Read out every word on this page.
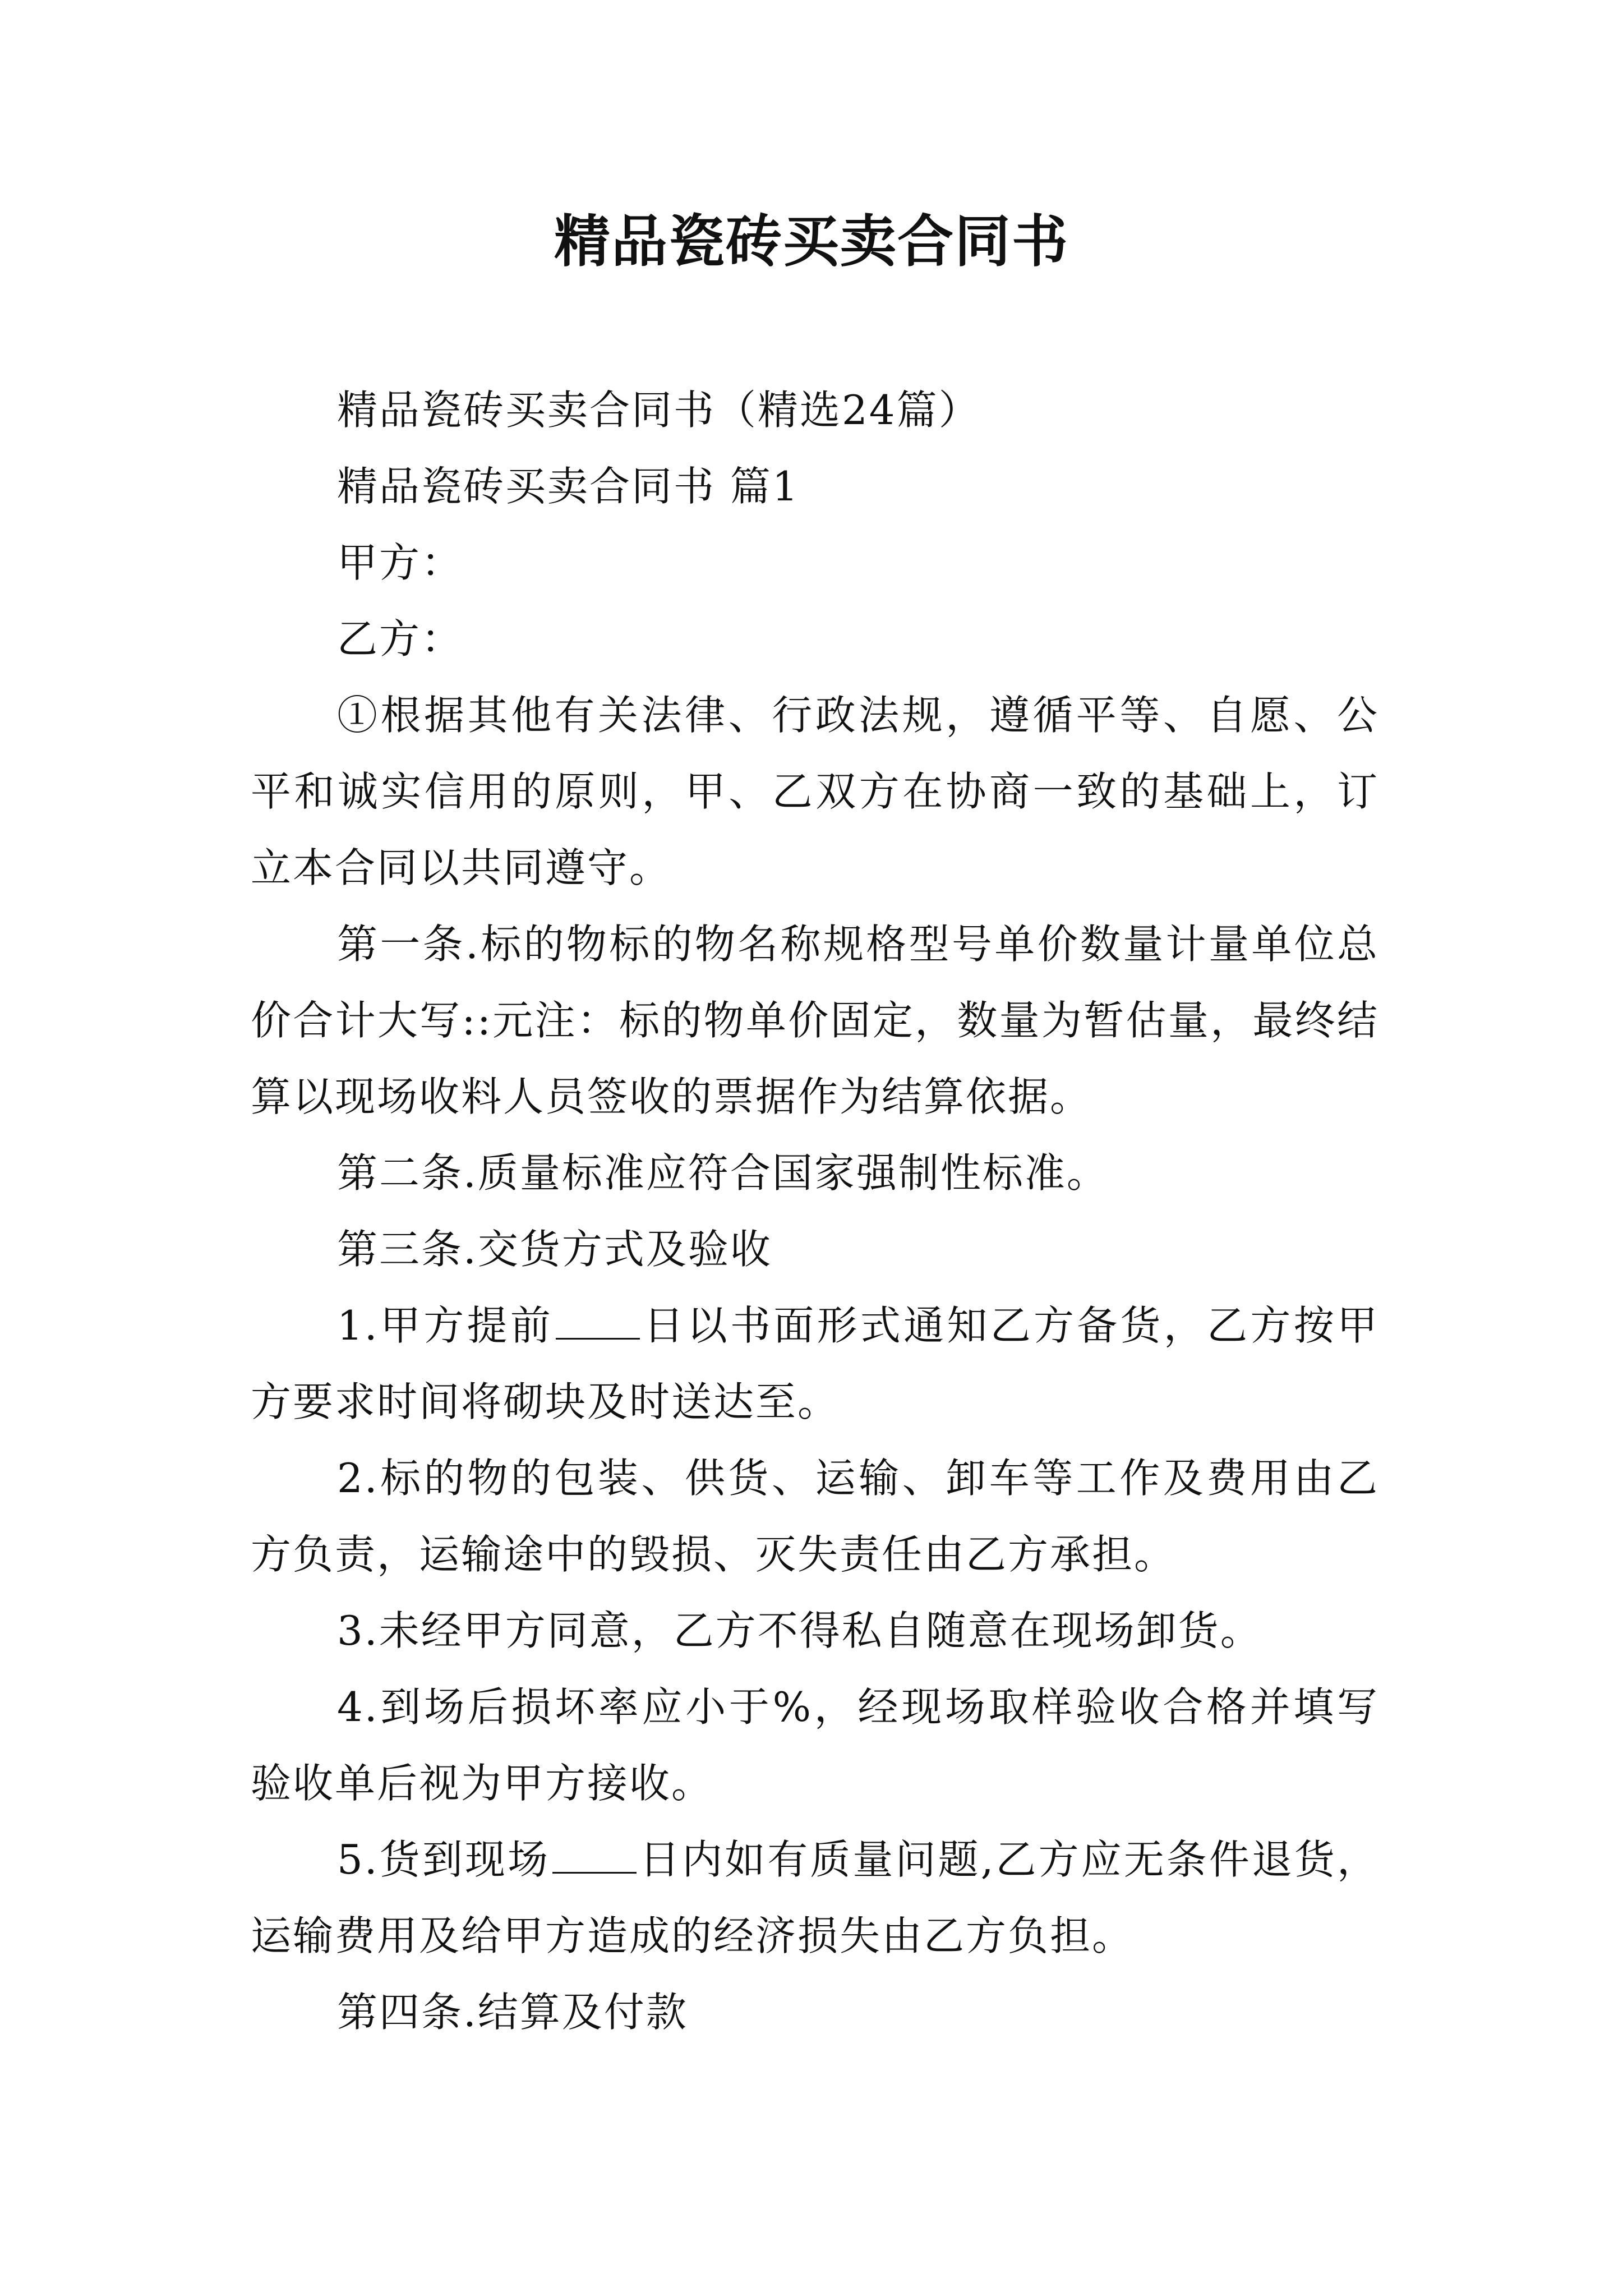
精品瓷砖买卖合同书

精品瓷砖买卖合同书（精选24篇）

精品瓷砖买卖合同书 篇1

甲方：

乙方：

①根据其他有关法律、行政法规，遵循平等、自愿、公平和诚实信用的原则，甲、乙双方在协商一致的基础上，订立本合同以共同遵守。

第一条.标的物标的物名称规格型号单价数量计量单位总价合计大写::元注：标的物单价固定，数量为暂估量，最终结算以现场收料人员签收的票据作为结算依据。

第二条.质量标准应符合国家强制性标准。

第三条.交货方式及验收

1.甲方提前 日以书面形式通知乙方备货，乙方按甲方要求时间将砌块及时送达至。

2.标的物的包装、供货、运输、卸车等工作及费用由乙方负责，运输途中的毁损、灭失责任由乙方承担。

3.未经甲方同意，乙方不得私自随意在现场卸货。

4.到场后损坏率应小于%，经现场取样验收合格并填写验收单后视为甲方接收。

5.货到现场 日内如有质量问题,乙方应无条件退货，运输费用及给甲方造成的经济损失由乙方负担。

第四条.结算及付款
